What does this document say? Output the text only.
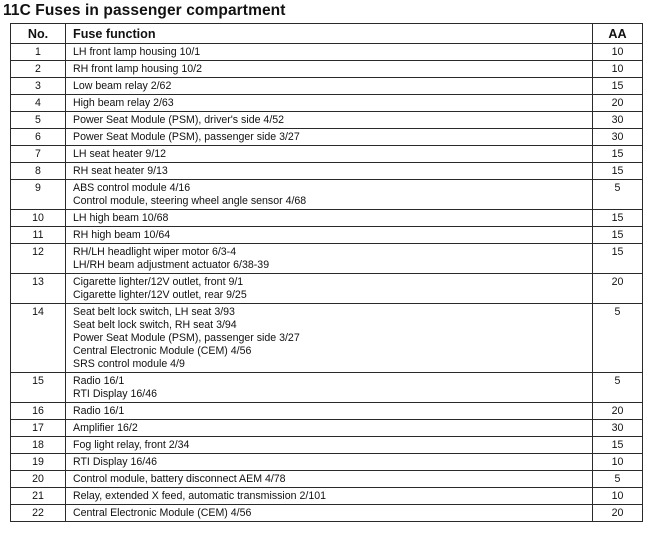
11C Fuses in passenger compartment
No.	Fuse function	AA
1	LH front lamp housing 10/1	10
2	RH front lamp housing 10/2	10
3	Low beam relay 2/62	15
4	High beam relay 2/63	20
5	Power Seat Module (PSM), driver's side 4/52	30
6	Power Seat Module (PSM), passenger side 3/27	30
7	LH seat heater 9/12	15
8	RH seat heater 9/13	15
9	ABS control module 4/16
Control module, steering wheel angle sensor 4/68	5
10	LH high beam 10/68	15
11	RH high beam 10/64	15
12	RH/LH headlight wiper motor 6/3-4
LH/RH beam adjustment actuator 6/38-39	15
13	Cigarette lighter/12V outlet, front 9/1
Cigarette lighter/12V outlet, rear 9/25	20
14	Seat belt lock switch, LH seat 3/93
Seat belt lock switch, RH seat 3/94
Power Seat Module (PSM), passenger side 3/27
Central Electronic Module (CEM) 4/56
SRS control module 4/9	5
15	Radio 16/1
RTI Display 16/46	5
16	Radio 16/1	20
17	Amplifier 16/2	30
18	Fog light relay, front 2/34	15
19	RTI Display 16/46	10
20	Control module, battery disconnect AEM 4/78	5
21	Relay, extended X feed, automatic transmission 2/101	10
22	Central Electronic Module (CEM) 4/56	20
